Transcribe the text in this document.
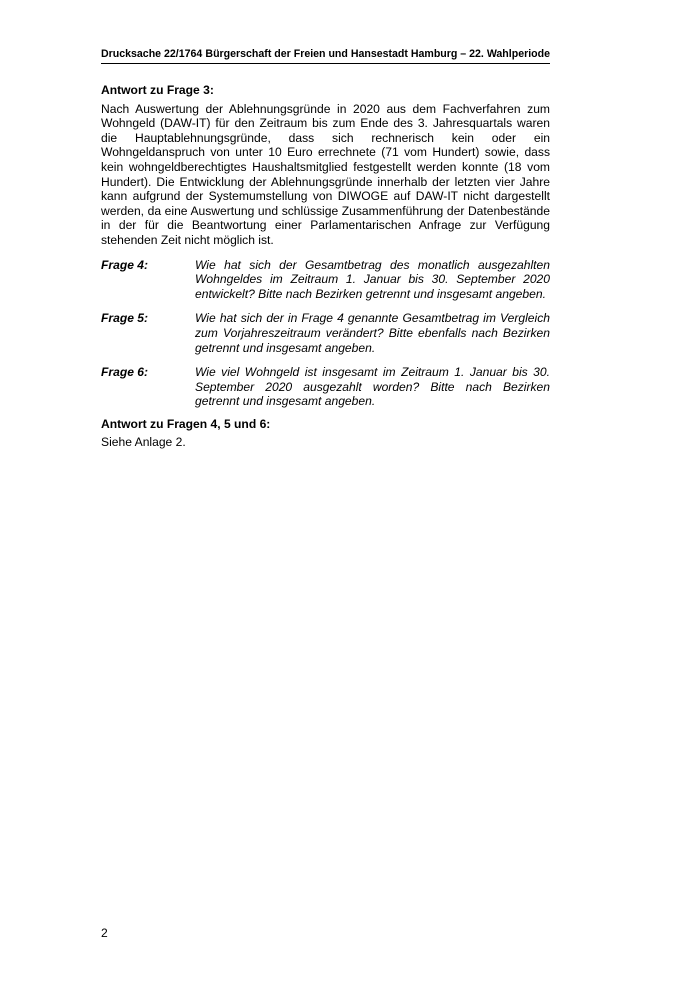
Drucksache 22/1764 Bürgerschaft der Freien und Hansestadt Hamburg – 22. Wahlperiode

Antwort zu Frage 3:

Nach Auswertung der Ablehnungsgründe in 2020 aus dem Fachverfahren zum Wohngeld (DAW-IT) für den Zeitraum bis zum Ende des 3. Jahresquartals waren die Hauptablehnungsgründe, dass sich rechnerisch kein oder ein Wohngeldanspruch von unter 10 Euro errechnete (71 vom Hundert) sowie, dass kein wohngeldberechtigtes Haushaltsmitglied festgestellt werden konnte (18 vom Hundert). Die Entwicklung der Ablehnungsgründe innerhalb der letzten vier Jahre kann aufgrund der Systemumstellung von DIWOGE auf DAW-IT nicht dargestellt werden, da eine Auswertung und schlüssige Zusammenführung der Datenbestände in der für die Beantwortung einer Parlamentarischen Anfrage zur Verfügung stehenden Zeit nicht möglich ist.

Frage 4:	Wie hat sich der Gesamtbetrag des monatlich ausgezahlten Wohngeldes im Zeitraum 1. Januar bis 30. September 2020 entwickelt? Bitte nach Bezirken getrennt und insgesamt angeben.
Frage 5:	Wie hat sich der in Frage 4 genannte Gesamtbetrag im Vergleich zum Vorjahreszeitraum verändert? Bitte ebenfalls nach Bezirken getrennt und insgesamt angeben.
Frage 6:	Wie viel Wohngeld ist insgesamt im Zeitraum 1. Januar bis 30. September 2020 ausgezahlt worden? Bitte nach Bezirken getrennt und insgesamt angeben.

Antwort zu Fragen 4, 5 und 6:

Siehe Anlage 2.

2
